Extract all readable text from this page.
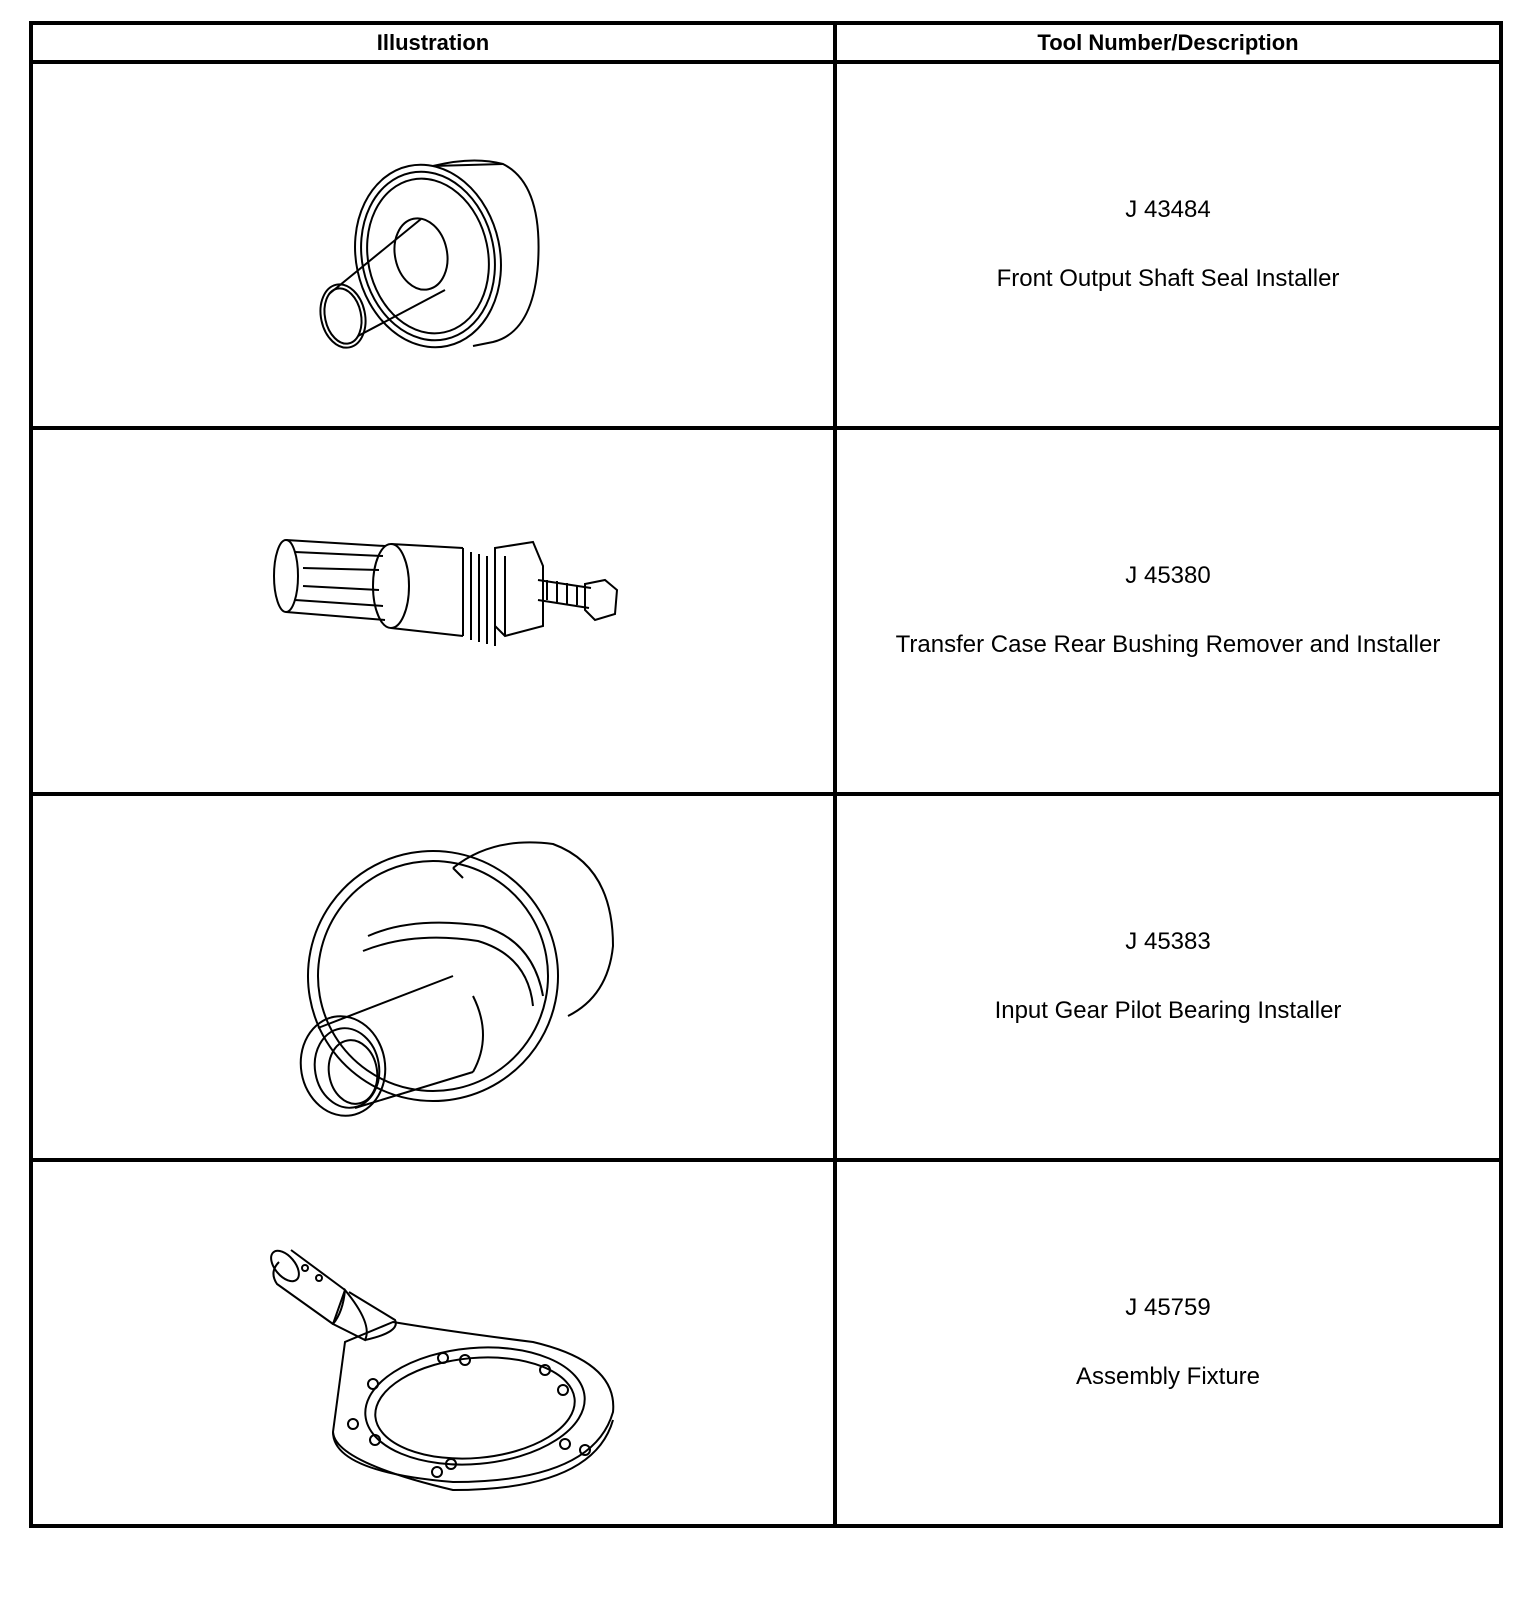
Illustration	Tool Number/Description

J 43484
Front Output Shaft Seal Installer

J 45380
Transfer Case Rear Bushing Remover and Installer

J 45383
Input Gear Pilot Bearing Installer

J 45759
Assembly Fixture
